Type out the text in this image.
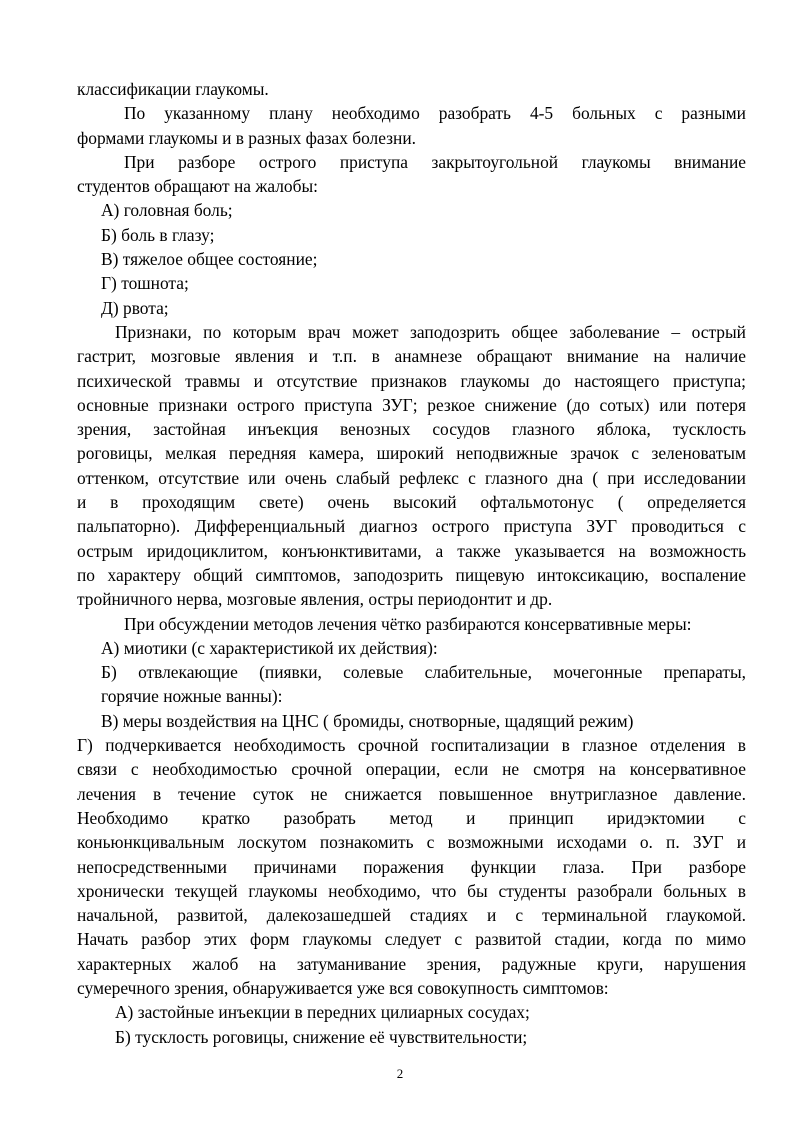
классификации глаукомы.
По указанному плану необходимо разобрать 4-5 больных с разными
формами глаукомы и в разных фазах болезни.
При разборе острого приступа закрытоугольной глаукомы внимание
студентов обращают на жалобы:
А) головная боль;
Б) боль в глазу;
В) тяжелое общее состояние;
Г) тошнота;
Д) рвота;
Признаки, по которым врач может заподозрить общее заболевание – острый
гастрит, мозговые явления и т.п. в анамнезе обращают внимание на наличие
психической травмы и отсутствие признаков глаукомы до настоящего приступа;
основные признаки острого приступа ЗУГ; резкое снижение (до сотых) или потеря
зрения, застойная инъекция венозных сосудов глазного яблока, тусклость
роговицы, мелкая передняя камера, широкий неподвижные зрачок с зеленоватым
оттенком, отсутствие или очень слабый рефлекс с глазного дна ( при исследовании
и в проходящим свете) очень высокий офтальмотонус ( определяется
пальпаторно). Дифференциальный диагноз острого приступа ЗУГ проводиться с
острым иридоциклитом, конъюнктивитами, а также указывается на возможность
по характеру общий симптомов, заподозрить пищевую интоксикацию, воспаление
тройничного нерва, мозговые явления, остры периодонтит и др.
При обсуждении методов лечения чётко разбираются консервативные меры:
А) миотики (с характеристикой их действия):
Б) отвлекающие (пиявки, солевые слабительные, мочегонные препараты,
горячие ножные ванны):
В) меры воздействия на ЦНС ( бромиды, снотворные, щадящий режим)
Г) подчеркивается необходимость срочной госпитализации в глазное отделения в
связи с необходимостью срочной операции, если не смотря на консервативное
лечения в течение суток не снижается повышенное внутриглазное давление.
Необходимо кратко разобрать метод и принцип иридэктомии с
коньюнкцивальным лоскутом познакомить с возможными исходами о. п. ЗУГ и
непосредственными причинами поражения функции глаза. При разборе
хронически текущей глаукомы необходимо, что бы студенты разобрали больных в
начальной, развитой, далекозашедшей стадиях и с терминальной глаукомой.
Начать разбор этих форм глаукомы следует с развитой стадии, когда по мимо
характерных жалоб на затуманивание зрения, радужные круги, нарушения
сумеречного зрения, обнаруживается уже вся совокупность симптомов:
А) застойные инъекции в передних цилиарных сосудах;
Б) тусклость роговицы, снижение её чувствительности;
2
